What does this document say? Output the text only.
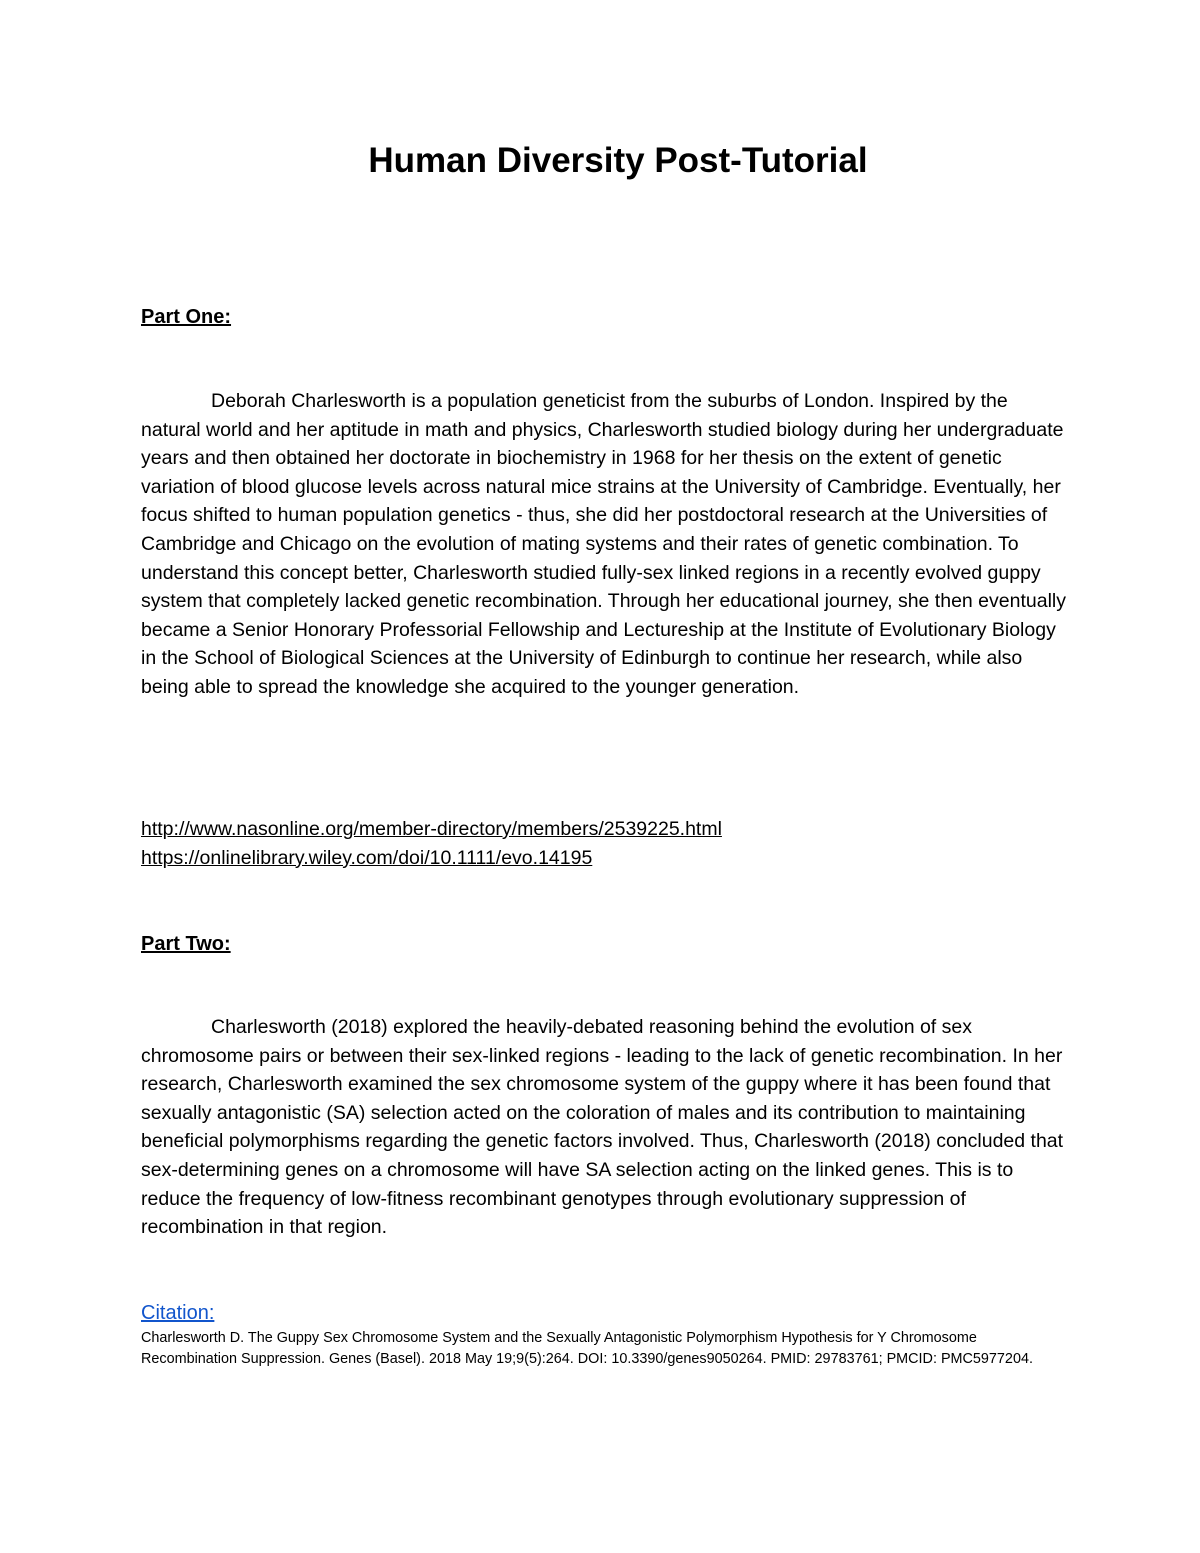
Human Diversity Post-Tutorial
Part One:

Deborah Charlesworth is a population geneticist from the suburbs of London. Inspired by the natural world and her aptitude in math and physics, Charlesworth studied biology during her undergraduate years and then obtained her doctorate in biochemistry in 1968 for her thesis on the extent of genetic variation of blood glucose levels across natural mice strains at the University of Cambridge. Eventually, her focus shifted to human population genetics - thus, she did her postdoctoral research at the Universities of Cambridge and Chicago on the evolution of mating systems and their rates of genetic combination. To understand this concept better, Charlesworth studied fully-sex linked regions in a recently evolved guppy system that completely lacked genetic recombination. Through her educational journey, she then eventually became a Senior Honorary Professorial Fellowship and Lectureship at the Institute of Evolutionary Biology in the School of Biological Sciences at the University of Edinburgh to continue her research, while also being able to spread the knowledge she acquired to the younger generation.

http://www.nasonline.org/member-directory/members/2539225.html
https://onlinelibrary.wiley.com/doi/10.1111/evo.14195
Part Two:

Charlesworth (2018) explored the heavily-debated reasoning behind the evolution of sex chromosome pairs or between their sex-linked regions - leading to the lack of genetic recombination. In her research, Charlesworth examined the sex chromosome system of the guppy where it has been found that sexually antagonistic (SA) selection acted on the coloration of males and its contribution to maintaining beneficial polymorphisms regarding the genetic factors involved. Thus, Charlesworth (2018) concluded that sex-determining genes on a chromosome will have SA selection acting on the linked genes. This is to reduce the frequency of low-fitness recombinant genotypes through evolutionary suppression of recombination in that region.

Citation:

Charlesworth D. The Guppy Sex Chromosome System and the Sexually Antagonistic Polymorphism Hypothesis for Y Chromosome Recombination Suppression. Genes (Basel). 2018 May 19;9(5):264. DOI: 10.3390/genes9050264. PMID: 29783761; PMCID: PMC5977204.
